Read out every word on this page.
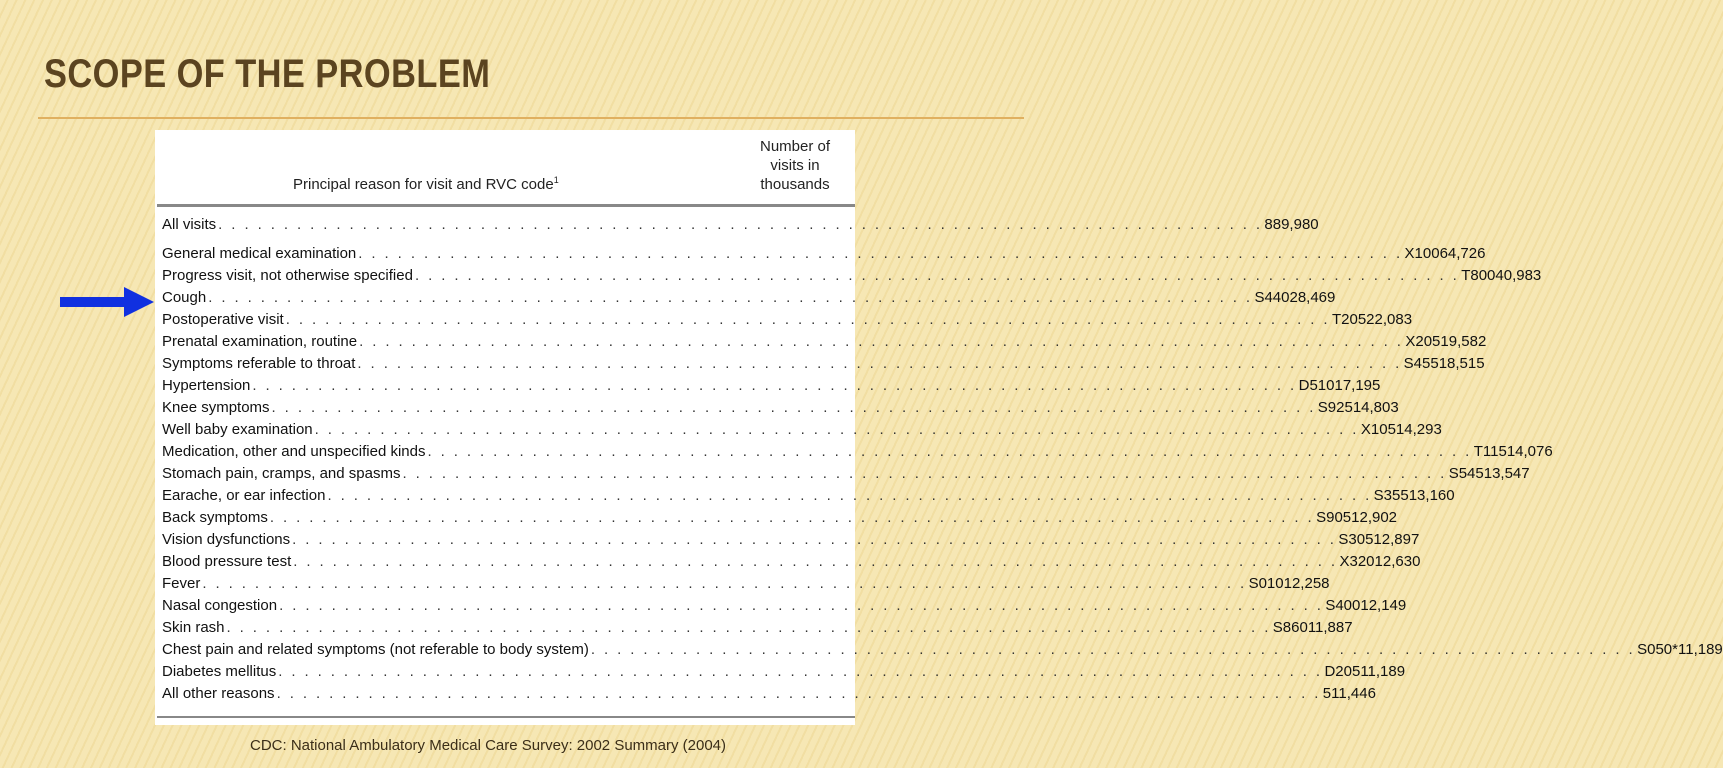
SCOPE OF THE PROBLEM
Principal reason for visit and RVC code$^1$
Number of
visits in
thousands
All visits . . . . . . . . . . . . . . . . . . . . . . . . . . . . . . . . . . . . . . . . . . . . . . . . . . . . . . . . . . . . . . . . . . . . . . . . . . . . . . . . 889,980
General medical examination . . . . . . . . . . . . . . . . . . . . . . . . . . . . . . . . . . . . . . . . . . . . . . . . . . . . . . . . . . . . . . . . . . . . . . . . . . . . . . . . X100 64,726
Progress visit, not otherwise specified . . . . . . . . . . . . . . . . . . . . . . . . . . . . . . . . . . . . . . . . . . . . . . . . . . . . . . . . . . . . . . . . . . . . . . . . . . . . . . . . T800 40,983
Cough . . . . . . . . . . . . . . . . . . . . . . . . . . . . . . . . . . . . . . . . . . . . . . . . . . . . . . . . . . . . . . . . . . . . . . . . . . . . . . . . S440 28,469
Postoperative visit . . . . . . . . . . . . . . . . . . . . . . . . . . . . . . . . . . . . . . . . . . . . . . . . . . . . . . . . . . . . . . . . . . . . . . . . . . . . . . . . T205 22,083
Prenatal examination, routine . . . . . . . . . . . . . . . . . . . . . . . . . . . . . . . . . . . . . . . . . . . . . . . . . . . . . . . . . . . . . . . . . . . . . . . . . . . . . . . . X205 19,582
Symptoms referable to throat . . . . . . . . . . . . . . . . . . . . . . . . . . . . . . . . . . . . . . . . . . . . . . . . . . . . . . . . . . . . . . . . . . . . . . . . . . . . . . . . S455 18,515
Hypertension . . . . . . . . . . . . . . . . . . . . . . . . . . . . . . . . . . . . . . . . . . . . . . . . . . . . . . . . . . . . . . . . . . . . . . . . . . . . . . . . D510 17,195
Knee symptoms . . . . . . . . . . . . . . . . . . . . . . . . . . . . . . . . . . . . . . . . . . . . . . . . . . . . . . . . . . . . . . . . . . . . . . . . . . . . . . . . S925 14,803
Well baby examination . . . . . . . . . . . . . . . . . . . . . . . . . . . . . . . . . . . . . . . . . . . . . . . . . . . . . . . . . . . . . . . . . . . . . . . . . . . . . . . . X105 14,293
Medication, other and unspecified kinds . . . . . . . . . . . . . . . . . . . . . . . . . . . . . . . . . . . . . . . . . . . . . . . . . . . . . . . . . . . . . . . . . . . . . . . . . . . . . . . . T115 14,076
Stomach pain, cramps, and spasms . . . . . . . . . . . . . . . . . . . . . . . . . . . . . . . . . . . . . . . . . . . . . . . . . . . . . . . . . . . . . . . . . . . . . . . . . . . . . . . . S545 13,547
Earache, or ear infection . . . . . . . . . . . . . . . . . . . . . . . . . . . . . . . . . . . . . . . . . . . . . . . . . . . . . . . . . . . . . . . . . . . . . . . . . . . . . . . . S355 13,160
Back symptoms . . . . . . . . . . . . . . . . . . . . . . . . . . . . . . . . . . . . . . . . . . . . . . . . . . . . . . . . . . . . . . . . . . . . . . . . . . . . . . . . S905 12,902
Vision dysfunctions . . . . . . . . . . . . . . . . . . . . . . . . . . . . . . . . . . . . . . . . . . . . . . . . . . . . . . . . . . . . . . . . . . . . . . . . . . . . . . . . S305 12,897
Blood pressure test . . . . . . . . . . . . . . . . . . . . . . . . . . . . . . . . . . . . . . . . . . . . . . . . . . . . . . . . . . . . . . . . . . . . . . . . . . . . . . . . X320 12,630
Fever . . . . . . . . . . . . . . . . . . . . . . . . . . . . . . . . . . . . . . . . . . . . . . . . . . . . . . . . . . . . . . . . . . . . . . . . . . . . . . . . S010 12,258
Nasal congestion . . . . . . . . . . . . . . . . . . . . . . . . . . . . . . . . . . . . . . . . . . . . . . . . . . . . . . . . . . . . . . . . . . . . . . . . . . . . . . . . S400 12,149
Skin rash . . . . . . . . . . . . . . . . . . . . . . . . . . . . . . . . . . . . . . . . . . . . . . . . . . . . . . . . . . . . . . . . . . . . . . . . . . . . . . . . S860 11,887
Chest pain and related symptoms (not referable to body system) . . . . . . . . . . . . . . . . . . . . . . . . . . . . . . . . . . . . . . . . . . . . . . . . . . . . . . . . . . . . . . . . . . . . . . . . . . . . . . . . S050 *11,189
Diabetes mellitus . . . . . . . . . . . . . . . . . . . . . . . . . . . . . . . . . . . . . . . . . . . . . . . . . . . . . . . . . . . . . . . . . . . . . . . . . . . . . . . . D205 11,189
All other reasons . . . . . . . . . . . . . . . . . . . . . . . . . . . . . . . . . . . . . . . . . . . . . . . . . . . . . . . . . . . . . . . . . . . . . . . . . . . . . . . . 511,446
CDC: National Ambulatory Medical Care Survey: 2002 Summary (2004)
